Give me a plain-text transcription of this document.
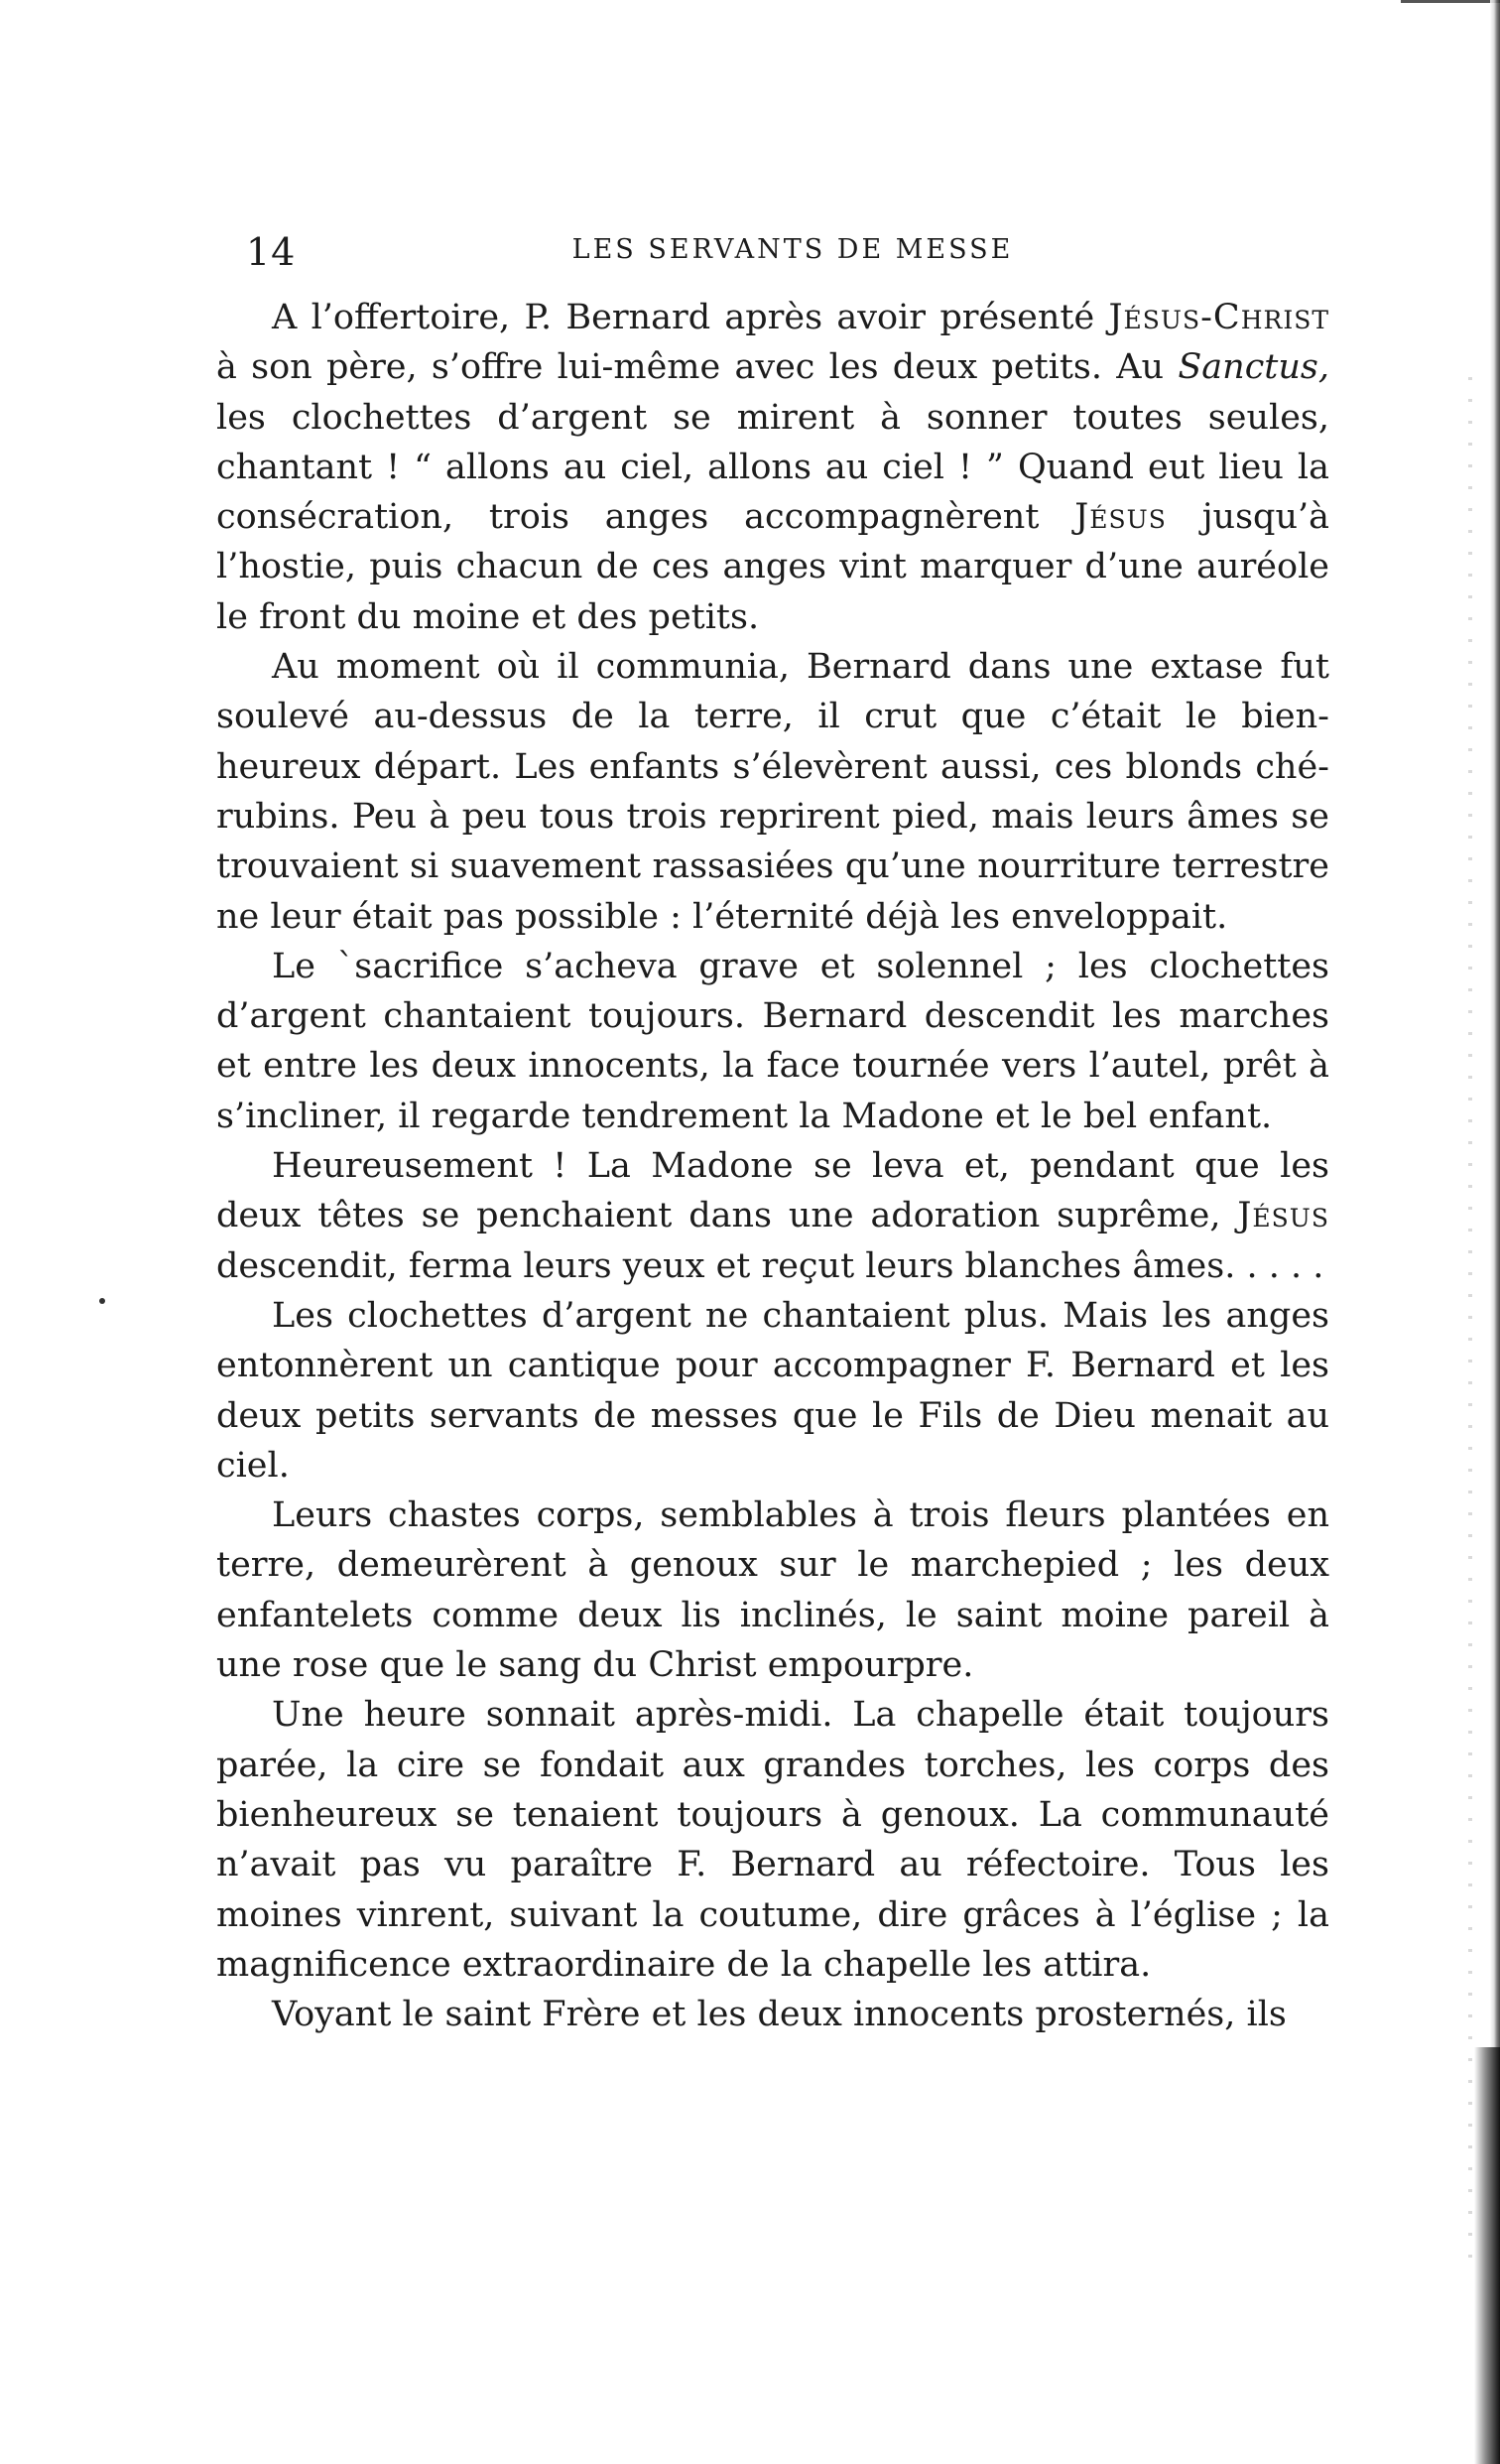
14	LES SERVANTS DE MESSE

A l’offertoire, P. Bernard après avoir présenté Jésus-Christ à son père, s’offre lui-même avec les deux petits. Au Sanctus, les clochettes d’argent se mirent à sonner toutes seules, chantant ! “ allons au ciel, allons au ciel ! ” Quand eut lieu la consécration, trois anges accompagnèrent Jésus jusqu’à l’hostie, puis chacun de ces anges vint marquer d’une auréole le front du moine et des petits.

Au moment où il communia, Bernard dans une extase fut soulevé au-dessus de la terre, il crut que c’était le bienheureux départ. Les enfants s’élevèrent aussi, ces blonds chérubins. Peu à peu tous trois reprirent pied, mais leurs âmes se trouvaient si suavement rassasiées qu’une nourriture terrestre ne leur était pas possible : l’éternité déjà les enveloppait.

Le `sacrifice s’acheva grave et solennel ; les clochettes d’argent chantaient toujours. Bernard descendit les marches et entre les deux innocents, la face tournée vers l’autel, prêt à s’incliner, il regarde tendrement la Madone et le bel enfant.

Heureusement ! La Madone se leva et, pendant que les deux têtes se penchaient dans une adoration suprême, Jésus descendit, ferma leurs yeux et reçut leurs blanches âmes. . . . .

Les clochettes d’argent ne chantaient plus. Mais les anges entonnèrent un cantique pour accompagner F. Bernard et les deux petits servants de messes que le Fils de Dieu menait au ciel.

Leurs chastes corps, semblables à trois fleurs plantées en terre, demeurèrent à genoux sur le marchepied ; les deux enfantelets comme deux lis inclinés, le saint moine pareil à une rose que le sang du Christ empourpre.

Une heure sonnait après-midi. La chapelle était toujours parée, la cire se fondait aux grandes torches, les corps des bienheureux se tenaient toujours à genoux. La communauté n’avait pas vu paraître F. Bernard au réfectoire. Tous les moines vinrent, suivant la coutume, dire grâces à l’église ; la magnificence extraordinaire de la chapelle les attira.

Voyant le saint Frère et les deux innocents prosternés, ils
